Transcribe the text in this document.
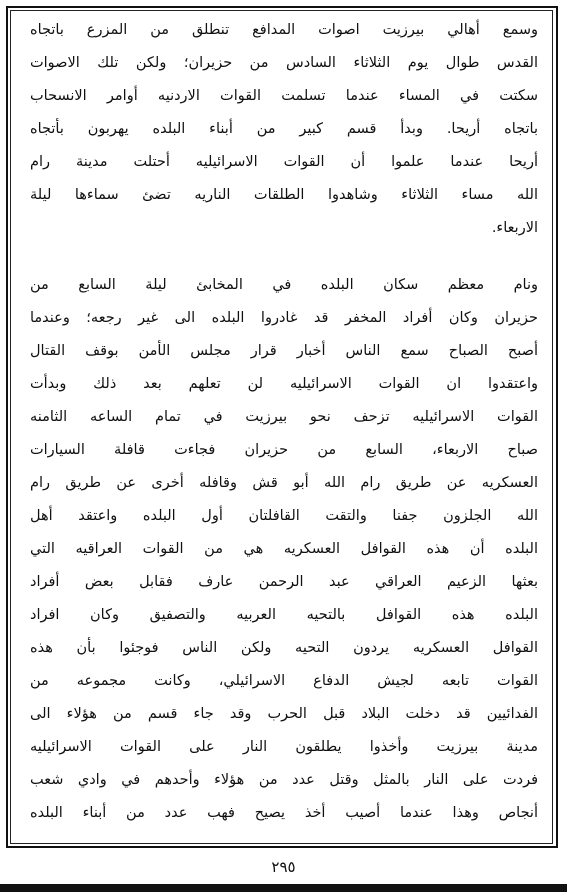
وسمع أهالي بيرزيت اصوات المدافع تنطلق من المزرع باتجاه
القدس طوال يوم الثلاثاء السادس من حزيران؛ ولكن تلك الاصوات
سكتت في المساء عندما تسلمت القوات الاردنيه أوامر الانسحاب
باتجاه أريحا. وبدأ قسم كبير من أبناء البلده يهربون بأتجاه
أريحا عندما علموا أن القوات الاسرائيليه أحتلت مدينة رام
الله مساء الثلاثاء وشاهدوا الطلقات الناريه تضئ سماءها ليلة
الاربعاء.
ونام معظم سكان البلده في المخابئ ليلة السابع من
حزيران وكان أفراد المخفر قد غادروا البلده الى غير رجعه؛ وعندما
أصبح الصباح سمع الناس أخبار قرار مجلس الأمن بوقف القتال
واعتقدوا ان القوات الاسرائيليه لن تعلهم بعد ذلك وبدأت
القوات الاسرائيليه تزحف نحو بيرزيت في تمام الساعه الثامنه
صباح الاربعاء، السابع من حزيران فجاءت قافلة السيارات
العسكريه عن طريق رام الله أبو قش وقافله أخرى عن طريق رام
الله الجلزون جفنا والتقت القافلتان أول البلده واعتقد أهل
البلده أن هذه القوافل العسكريه هي من القوات العراقيه التي
بعثها الزعيم العراقي عبد الرحمن عارف فقابل بعض أفراد
البلده هذه القوافل بالتحيه العربيه والتصفيق وكان افراد
القوافل العسكريه يردون التحيه ولكن الناس فوجئوا بأن هذه
القوات تابعه لجيش الدفاع الاسرائيلي، وكانت مجموعه من
الفدائيين قد دخلت البلاد قبل الحرب وقد جاء قسم من هؤلاء الى
مدينة بيرزيت وأخذوا يطلقون النار على القوات الاسرائيليه
فردت على النار بالمثل وقتل عدد من هؤلاء وأحدهم في وادي شعب
أنجاص وهذا عندما أصيب أخذ يصيح فهب عدد من أبناء البلده
٢٩٥
